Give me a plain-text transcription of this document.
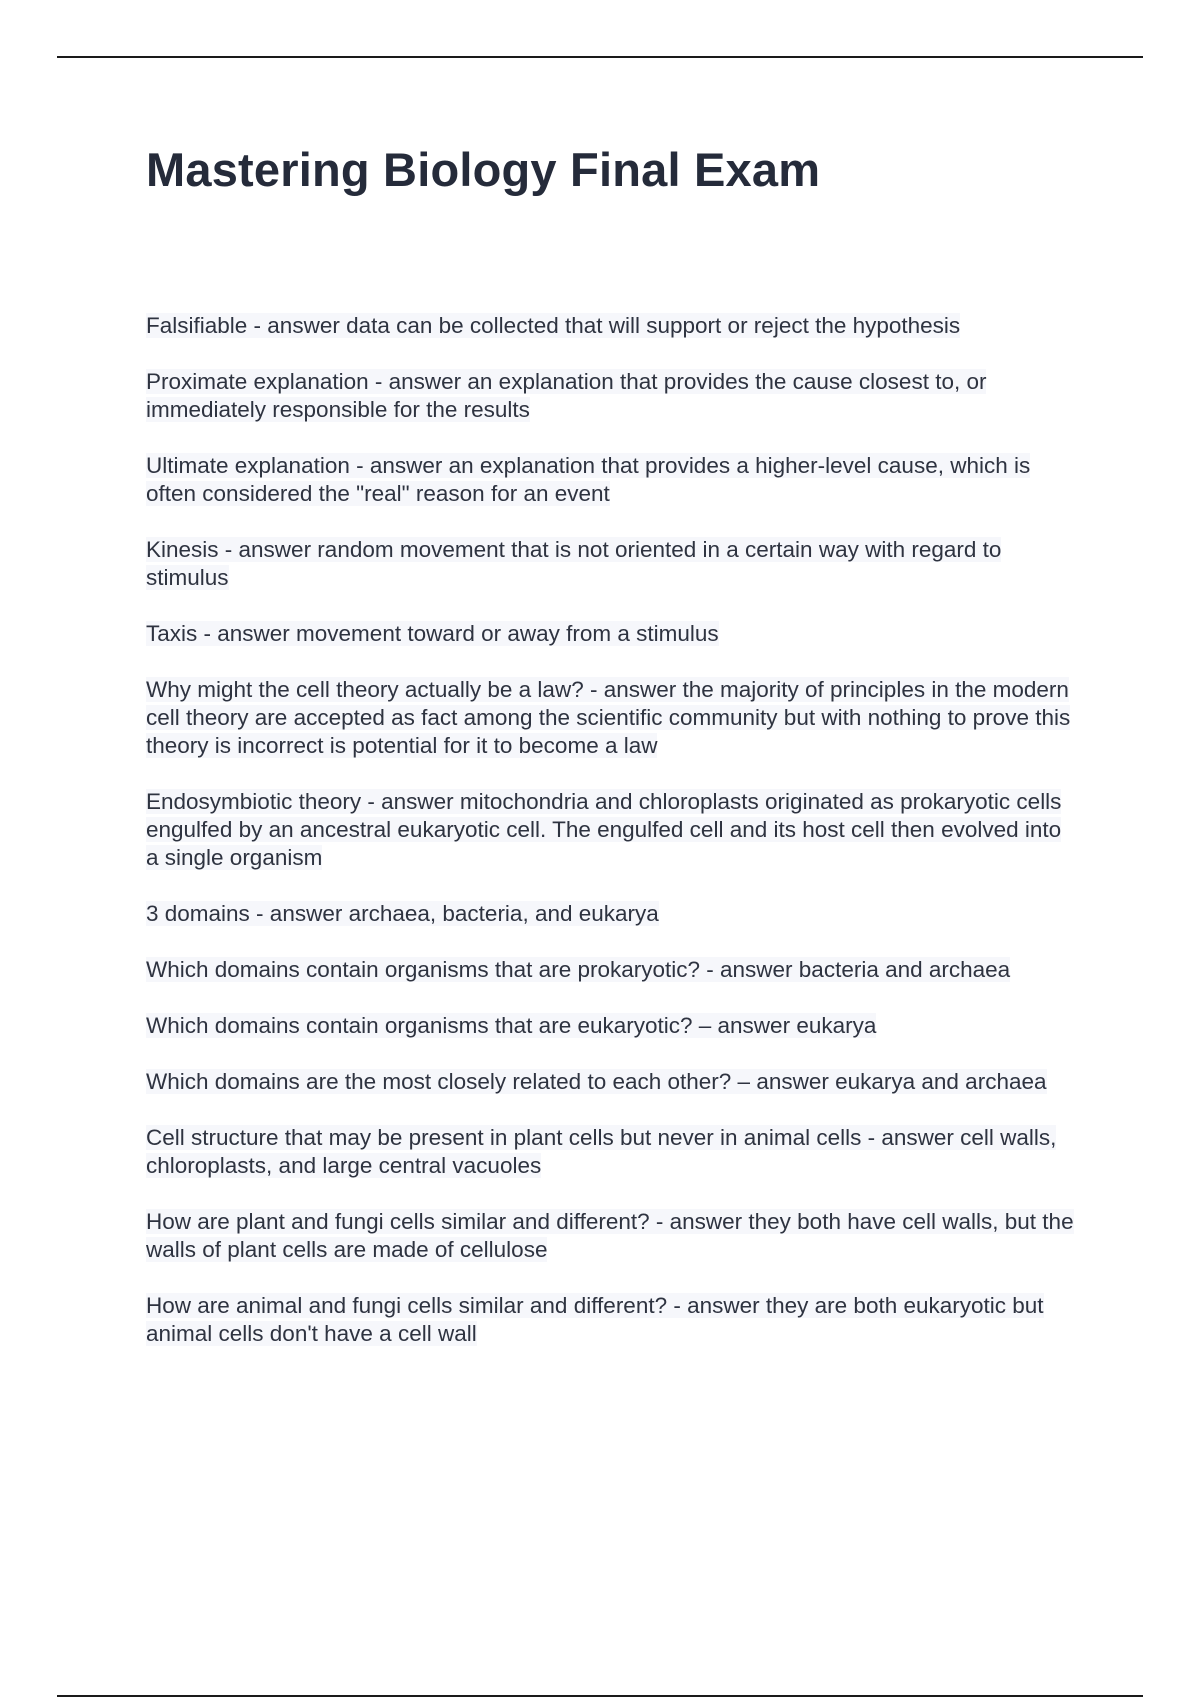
Mastering Biology Final Exam
Falsifiable - answer data can be collected that will support or reject the hypothesis
Proximate explanation - answer an explanation that provides the cause closest to, or immediately responsible for the results
Ultimate explanation - answer an explanation that provides a higher-level cause, which is often considered the "real" reason for an event
Kinesis - answer random movement that is not oriented in a certain way with regard to stimulus
Taxis - answer movement toward or away from a stimulus
Why might the cell theory actually be a law? - answer the majority of principles in the modern cell theory are accepted as fact among the scientific community but with nothing to prove this theory is incorrect is potential for it to become a law
Endosymbiotic theory - answer mitochondria and chloroplasts originated as prokaryotic cells engulfed by an ancestral eukaryotic cell. The engulfed cell and its host cell then evolved into a single organism
3 domains - answer archaea, bacteria, and eukarya
Which domains contain organisms that are prokaryotic? - answer bacteria and archaea
Which domains contain organisms that are eukaryotic? – answer eukarya
Which domains are the most closely related to each other? – answer eukarya and archaea
Cell structure that may be present in plant cells but never in animal cells - answer cell walls, chloroplasts, and large central vacuoles
How are plant and fungi cells similar and different? - answer they both have cell walls, but the walls of plant cells are made of cellulose
How are animal and fungi cells similar and different? - answer they are both eukaryotic but animal cells don't have a cell wall
